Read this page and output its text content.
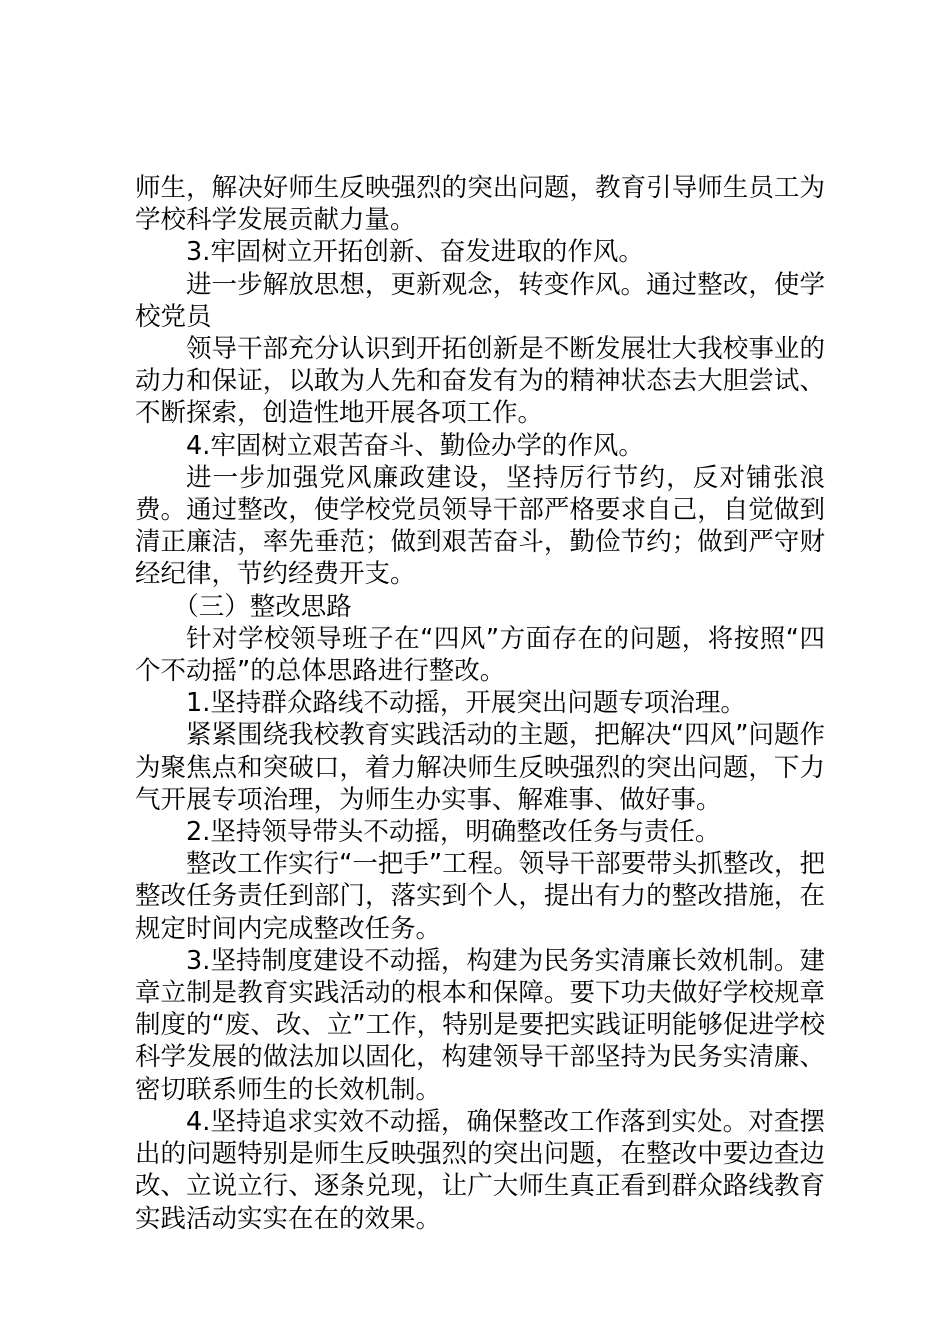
师生，解决好师生反映强烈的突出问题，教育引导师生员工为学校科学发展贡献力量。

3.牢固树立开拓创新、奋发进取的作风。

进一步解放思想，更新观念，转变作风。通过整改，使学校党员

领导干部充分认识到开拓创新是不断发展壮大我校事业的动力和保证，以敢为人先和奋发有为的精神状态去大胆尝试、不断探索，创造性地开展各项工作。

4.牢固树立艰苦奋斗、勤俭办学的作风。

进一步加强党风廉政建设，坚持厉行节约，反对铺张浪费。通过整改，使学校党员领导干部严格要求自己，自觉做到清正廉洁，率先垂范；做到艰苦奋斗，勤俭节约；做到严守财经纪律，节约经费开支。

（三）整改思路

针对学校领导班子在“四风”方面存在的问题，将按照“四个不动摇”的总体思路进行整改。

1.坚持群众路线不动摇，开展突出问题专项治理。

紧紧围绕我校教育实践活动的主题，把解决“四风”问题作为聚焦点和突破口，着力解决师生反映强烈的突出问题，下力气开展专项治理，为师生办实事、解难事、做好事。

2.坚持领导带头不动摇，明确整改任务与责任。

整改工作实行“一把手”工程。领导干部要带头抓整改，把整改任务责任到部门，落实到个人，提出有力的整改措施，在规定时间内完成整改任务。

3.坚持制度建设不动摇，构建为民务实清廉长效机制。建章立制是教育实践活动的根本和保障。要下功夫做好学校规章制度的“废、改、立”工作，特别是要把实践证明能够促进学校科学发展的做法加以固化，构建领导干部坚持为民务实清廉、密切联系师生的长效机制。

4.坚持追求实效不动摇，确保整改工作落到实处。对查摆出的问题特别是师生反映强烈的突出问题，在整改中要边查边改、立说立行、逐条兑现，让广大师生真正看到群众路线教育实践活动实实在在的效果。
